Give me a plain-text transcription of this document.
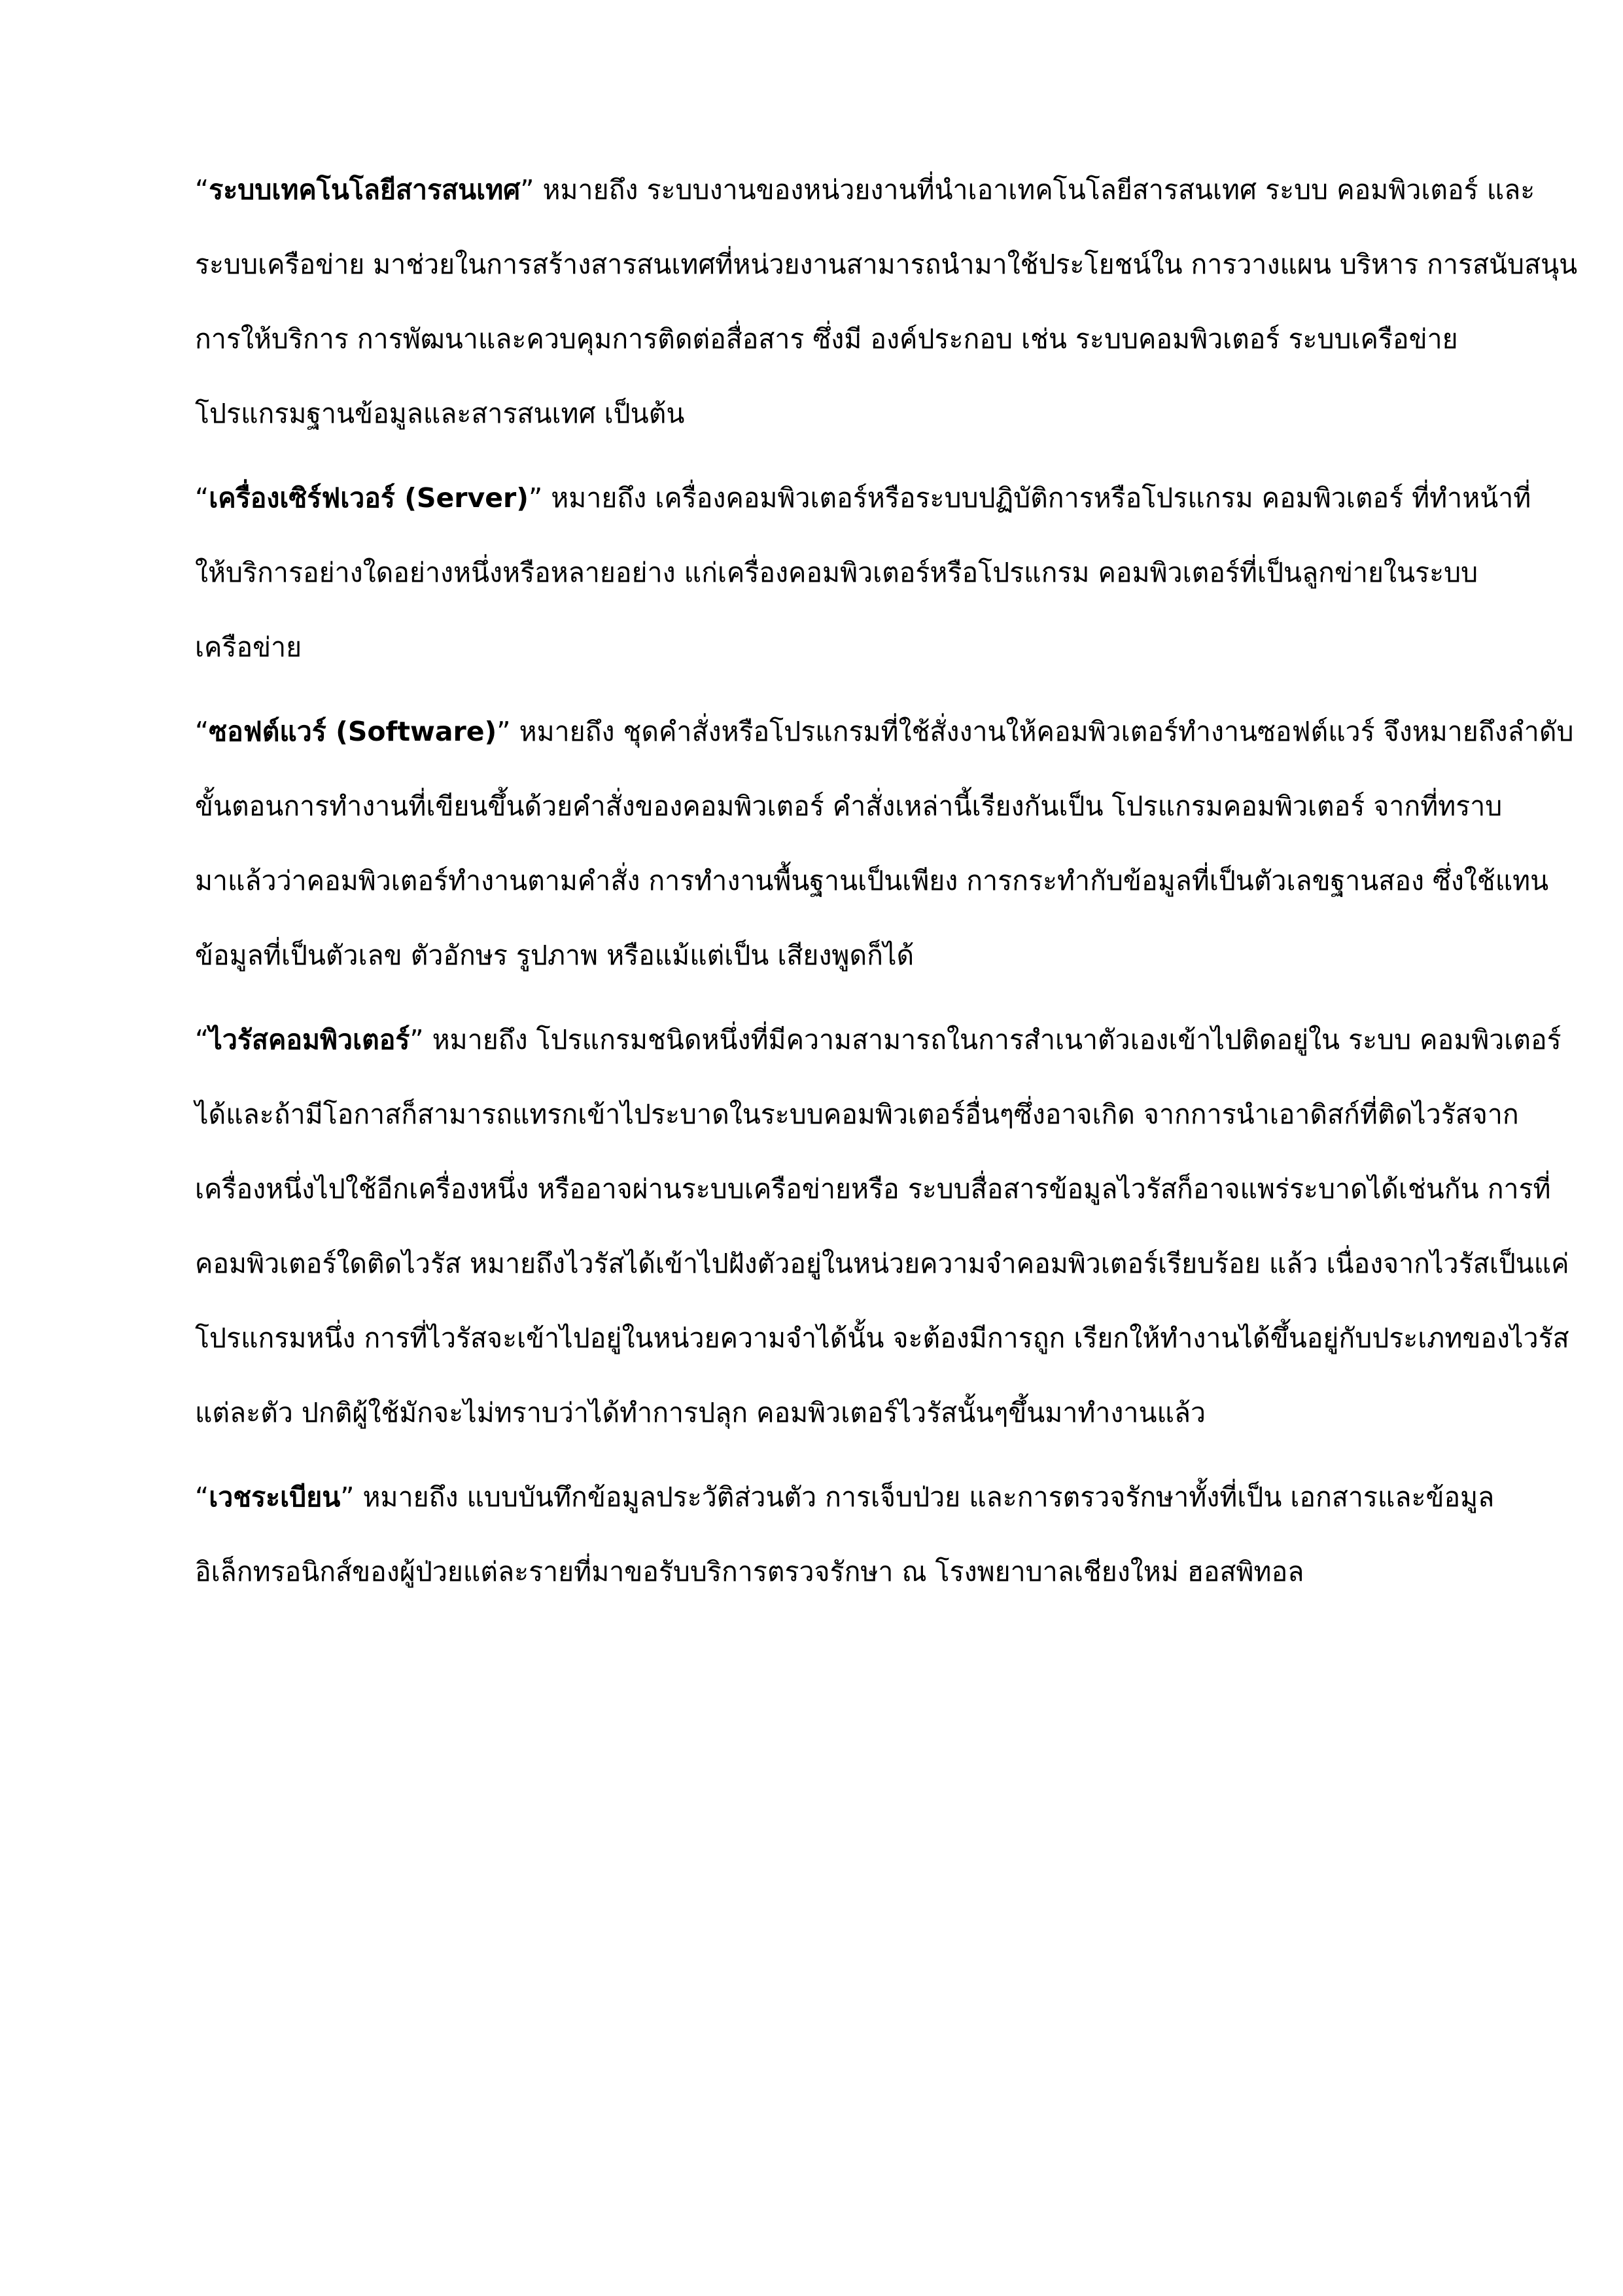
“ระบบเทคโนโลยีสารสนเทศ” หมายถึง ระบบงานของหน่วยงานที่นำเอาเทคโนโลยีสารสนเทศ ระบบ คอมพิวเตอร์ และ
ระบบเครือข่าย มาช่วยในการสร้างสารสนเทศที่หน่วยงานสามารถนำมาใช้ประโยชน์ใน การวางแผน บริหาร การสนับสนุน
การให้บริการ การพัฒนาและควบคุมการติดต่อสื่อสาร ซึ่งมี องค์ประกอบ เช่น ระบบคอมพิวเตอร์ ระบบเครือข่าย
โปรแกรมฐานข้อมูลและสารสนเทศ เป็นต้น

“เครื่องเซิร์ฟเวอร์ (Server)” หมายถึง เครื่องคอมพิวเตอร์หรือระบบปฏิบัติการหรือโปรแกรม คอมพิวเตอร์ ที่ทำหน้าที่
ให้บริการอย่างใดอย่างหนึ่งหรือหลายอย่าง แก่เครื่องคอมพิวเตอร์หรือโปรแกรม คอมพิวเตอร์ที่เป็นลูกข่ายในระบบ
เครือข่าย

“ซอฟต์แวร์ (Software)” หมายถึง ชุดคำสั่งหรือโปรแกรมที่ใช้สั่งงานให้คอมพิวเตอร์ทำงานซอฟต์แวร์ จึงหมายถึงลำดับ
ขั้นตอนการทำงานที่เขียนขึ้นด้วยคำสั่งของคอมพิวเตอร์ คำสั่งเหล่านี้เรียงกันเป็น โปรแกรมคอมพิวเตอร์ จากที่ทราบ
มาแล้วว่าคอมพิวเตอร์ทำงานตามคำสั่ง การทำงานพื้นฐานเป็นเพียง การกระทำกับข้อมูลที่เป็นตัวเลขฐานสอง ซึ่งใช้แทน
ข้อมูลที่เป็นตัวเลข ตัวอักษร รูปภาพ หรือแม้แต่เป็น เสียงพูดก็ได้

“ไวรัสคอมพิวเตอร์” หมายถึง โปรแกรมชนิดหนึ่งที่มีความสามารถในการสำเนาตัวเองเข้าไปติดอยู่ใน ระบบ คอมพิวเตอร์
ได้และถ้ามีโอกาสก็สามารถแทรกเข้าไประบาดในระบบคอมพิวเตอร์อื่นๆซึ่งอาจเกิด จากการนำเอาดิสก์ที่ติดไวรัสจาก
เครื่องหนึ่งไปใช้อีกเครื่องหนึ่ง หรืออาจผ่านระบบเครือข่ายหรือ ระบบสื่อสารข้อมูลไวรัสก็อาจแพร่ระบาดได้เช่นกัน การที่
คอมพิวเตอร์ใดติดไวรัส หมายถึงไวรัสได้เข้าไปฝังตัวอยู่ในหน่วยความจำคอมพิวเตอร์เรียบร้อย แล้ว เนื่องจากไวรัสเป็นแค่
โปรแกรมหนึ่ง การที่ไวรัสจะเข้าไปอยู่ในหน่วยความจำได้นั้น จะต้องมีการถูก เรียกให้ทำงานได้ขึ้นอยู่กับประเภทของไวรัส
แต่ละตัว ปกติผู้ใช้มักจะไม่ทราบว่าได้ทำการปลุก คอมพิวเตอร์ไวรัสนั้นๆขึ้นมาทำงานแล้ว

“เวชระเบียน” หมายถึง แบบบันทึกข้อมูลประวัติส่วนตัว การเจ็บป่วย และการตรวจรักษาทั้งที่เป็น เอกสารและข้อมูล
อิเล็กทรอนิกส์ของผู้ป่วยแต่ละรายที่มาขอรับบริการตรวจรักษา ณ โรงพยาบาลเชียงใหม่ ฮอสพิทอล
